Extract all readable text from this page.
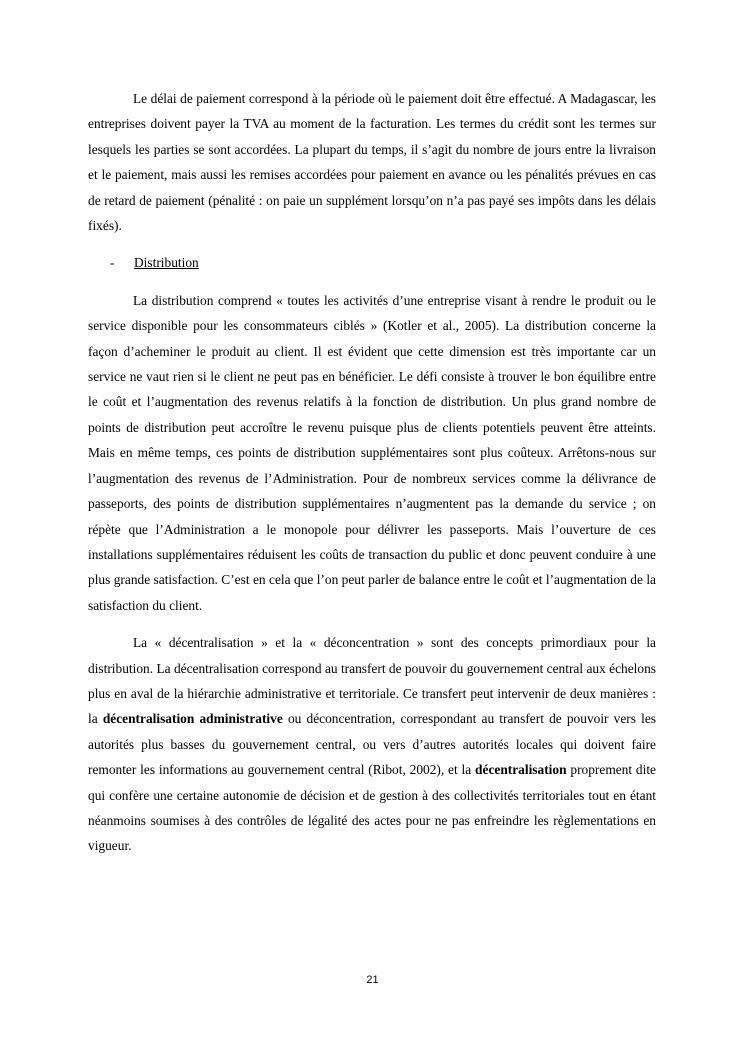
Le délai de paiement correspond à la période où le paiement doit être effectué. A Madagascar, les entreprises doivent payer la TVA au moment de la facturation. Les termes du crédit sont les termes sur lesquels les parties se sont accordées. La plupart du temps, il s’agit du nombre de jours entre la livraison et le paiement, mais aussi les remises accordées pour paiement en avance ou les pénalités prévues en cas de retard de paiement (pénalité : on paie un supplément lorsqu’on n’a pas payé ses impôts dans les délais fixés).

-	Distribution

La distribution comprend « toutes les activités d’une entreprise visant à rendre le produit ou le service disponible pour les consommateurs ciblés » (Kotler et al., 2005). La distribution concerne la façon d’acheminer le produit au client. Il est évident que cette dimension est très importante car un service ne vaut rien si le client ne peut pas en bénéficier. Le défi consiste à trouver le bon équilibre entre le coût et l’augmentation des revenus relatifs à la fonction de distribution. Un plus grand nombre de points de distribution peut accroître le revenu puisque plus de clients potentiels peuvent être atteints. Mais en même temps, ces points de distribution supplémentaires sont plus coûteux. Arrêtons-nous sur l’augmentation des revenus de l’Administration. Pour de nombreux services comme la délivrance de passeports, des points de distribution supplémentaires n’augmentent pas la demande du service ; on répète que l’Administration a le monopole pour délivrer les passeports. Mais l’ouverture de ces installations supplémentaires réduisent les coûts de transaction du public et donc peuvent conduire à une plus grande satisfaction. C’est en cela que l’on peut parler de balance entre le coût et l’augmentation de la satisfaction du client.

La « décentralisation » et la « déconcentration » sont des concepts primordiaux pour la distribution. La décentralisation correspond au transfert de pouvoir du gouvernement central aux échelons plus en aval de la hiérarchie administrative et territoriale. Ce transfert peut intervenir de deux manières : la décentralisation administrative ou déconcentration, correspondant au transfert de pouvoir vers les autorités plus basses du gouvernement central, ou vers d’autres autorités locales qui doivent faire remonter les informations au gouvernement central (Ribot, 2002), et la décentralisation proprement dite qui confère une certaine autonomie de décision et de gestion à des collectivités territoriales tout en étant néanmoins soumises à des contrôles de légalité des actes pour ne pas enfreindre les règlementations en vigueur.

21
